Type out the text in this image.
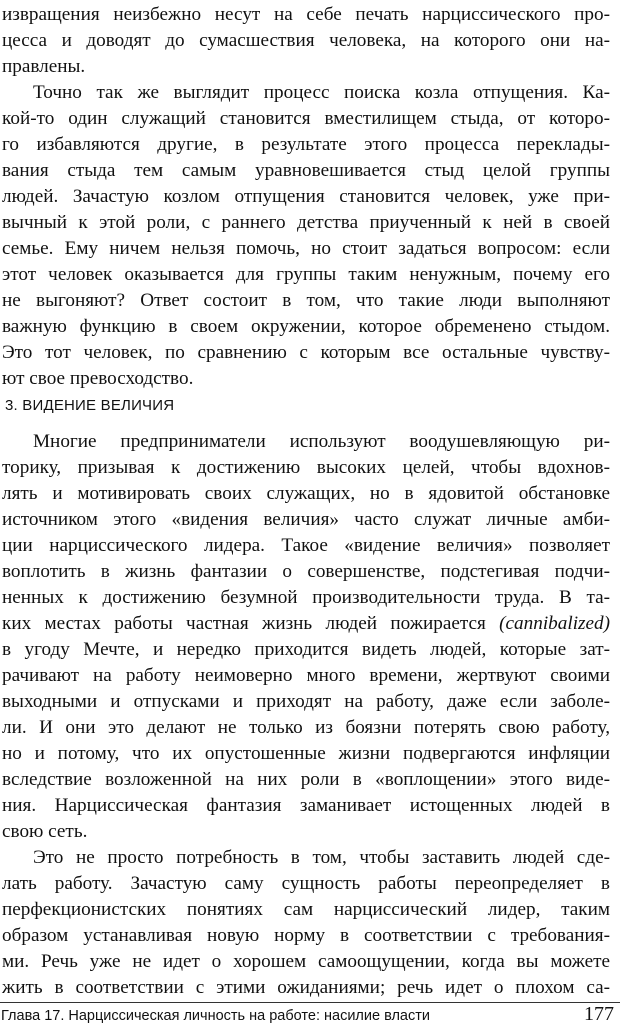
извращения неизбежно несут на себе печать нарциссического про-
цесса и доводят до сумасшествия человека, на которого они на-
правлены.
Точно так же выглядит процесс поиска козла отпущения. Ка-
кой-то один служащий становится вместилищем стыда, от которо-
го избавляются другие, в результате этого процесса переклады-
вания стыда тем самым уравновешивается стыд целой группы
людей. Зачастую козлом отпущения становится человек, уже при-
вычный к этой роли, с раннего детства приученный к ней в своей
семье. Ему ничем нельзя помочь, но стоит задаться вопросом: если
этот человек оказывается для группы таким ненужным, почему его
не выгоняют? Ответ состоит в том, что такие люди выполняют
важную функцию в своем окружении, которое обременено стыдом.
Это тот человек, по сравнению с которым все остальные чувству-
ют свое превосходство.
3. ВИДЕНИЕ ВЕЛИЧИЯ
Многие предприниматели используют воодушевляющую ри-
торику, призывая к достижению высоких целей, чтобы вдохнов-
лять и мотивировать своих служащих, но в ядовитой обстановке
источником этого «видения величия» часто служат личные амби-
ции нарциссического лидера. Такое «видение величия» позволяет
воплотить в жизнь фантазии о совершенстве, подстегивая подчи-
ненных к достижению безумной производительности труда. В та-
ких местах работы частная жизнь людей пожирается (cannibalized)
в угоду Мечте, и нередко приходится видеть людей, которые зат-
рачивают на работу неимоверно много времени, жертвуют своими
выходными и отпусками и приходят на работу, даже если заболе-
ли. И они это делают не только из боязни потерять свою работу,
но и потому, что их опустошенные жизни подвергаются инфляции
вследствие возложенной на них роли в «воплощении» этого виде-
ния. Нарциссическая фантазия заманивает истощенных людей в
свою сеть.
Это не просто потребность в том, чтобы заставить людей сде-
лать работу. Зачастую саму сущность работы переопределяет в
перфекционистских понятиях сам нарциссический лидер, таким
образом устанавливая новую норму в соответствии с требования-
ми. Речь уже не идет о хорошем самоощущении, когда вы можете
жить в соответствии с этими ожиданиями; речь идет о плохом са-
Глава 17. Нарциссическая личность на работе: насилие власти	177
